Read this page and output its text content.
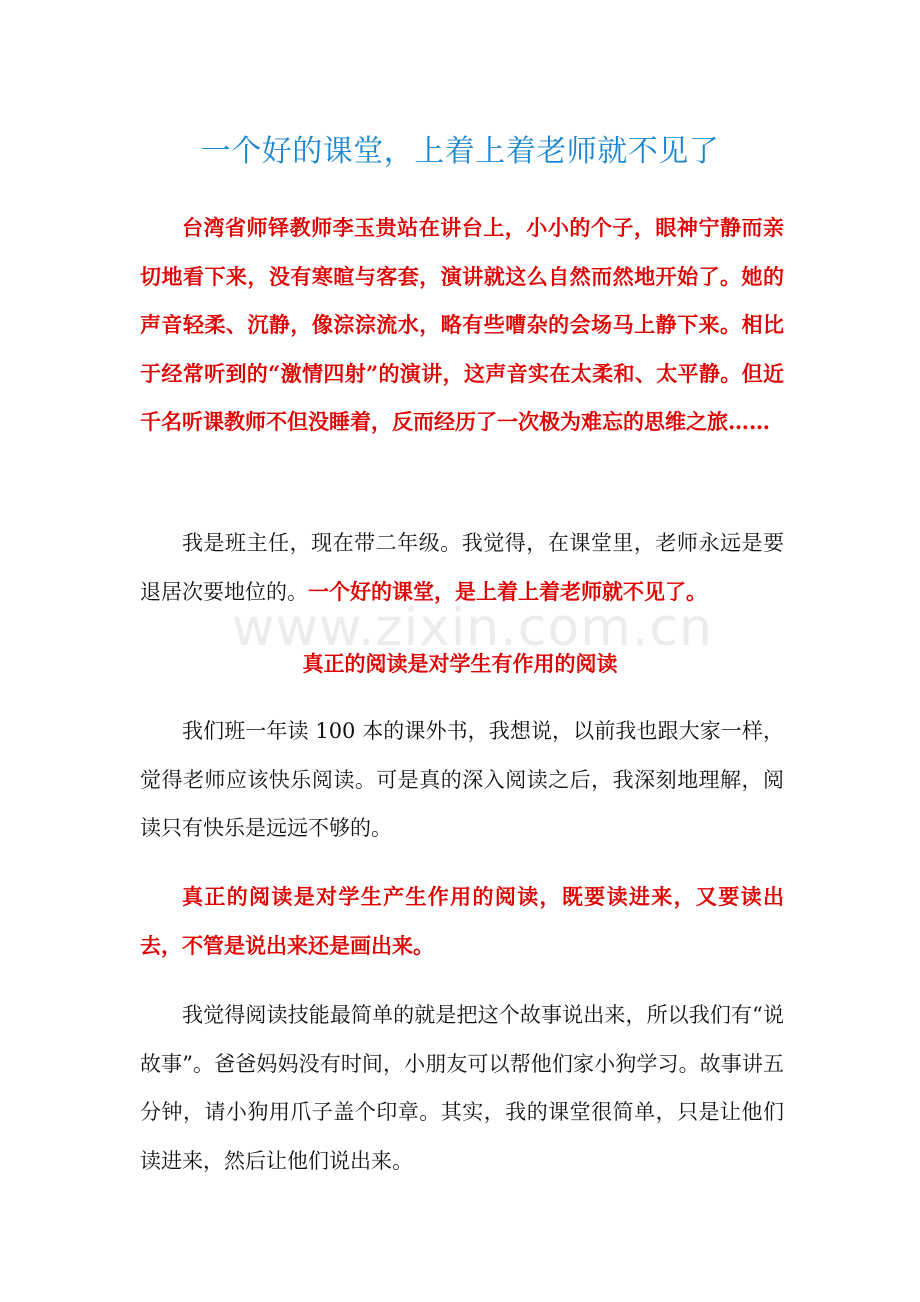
一个好的课堂，上着上着老师就不见了

台湾省师铎教师李玉贵站在讲台上，小小的个子，眼神宁静而亲切地看下来，没有寒暄与客套，演讲就这么自然而然地开始了。她的声音轻柔、沉静，像淙淙流水，略有些嘈杂的会场马上静下来。相比于经常听到的“激情四射”的演讲，这声音实在太柔和、太平静。但近千名听课教师不但没睡着，反而经历了一次极为难忘的思维之旅……

我是班主任，现在带二年级。我觉得，在课堂里，老师永远是要退居次要地位的。一个好的课堂，是上着上着老师就不见了。

www.zixin.com.cn
真正的阅读是对学生有作用的阅读

我们班一年读 100 本的课外书，我想说，以前我也跟大家一样，觉得老师应该快乐阅读。可是真的深入阅读之后，我深刻地理解，阅读只有快乐是远远不够的。

真正的阅读是对学生产生作用的阅读，既要读进来，又要读出去，不管是说出来还是画出来。

我觉得阅读技能最简单的就是把这个故事说出来，所以我们有“说故事”。爸爸妈妈没有时间，小朋友可以帮他们家小狗学习。故事讲五分钟，请小狗用爪子盖个印章。其实，我的课堂很简单，只是让他们读进来，然后让他们说出来。
